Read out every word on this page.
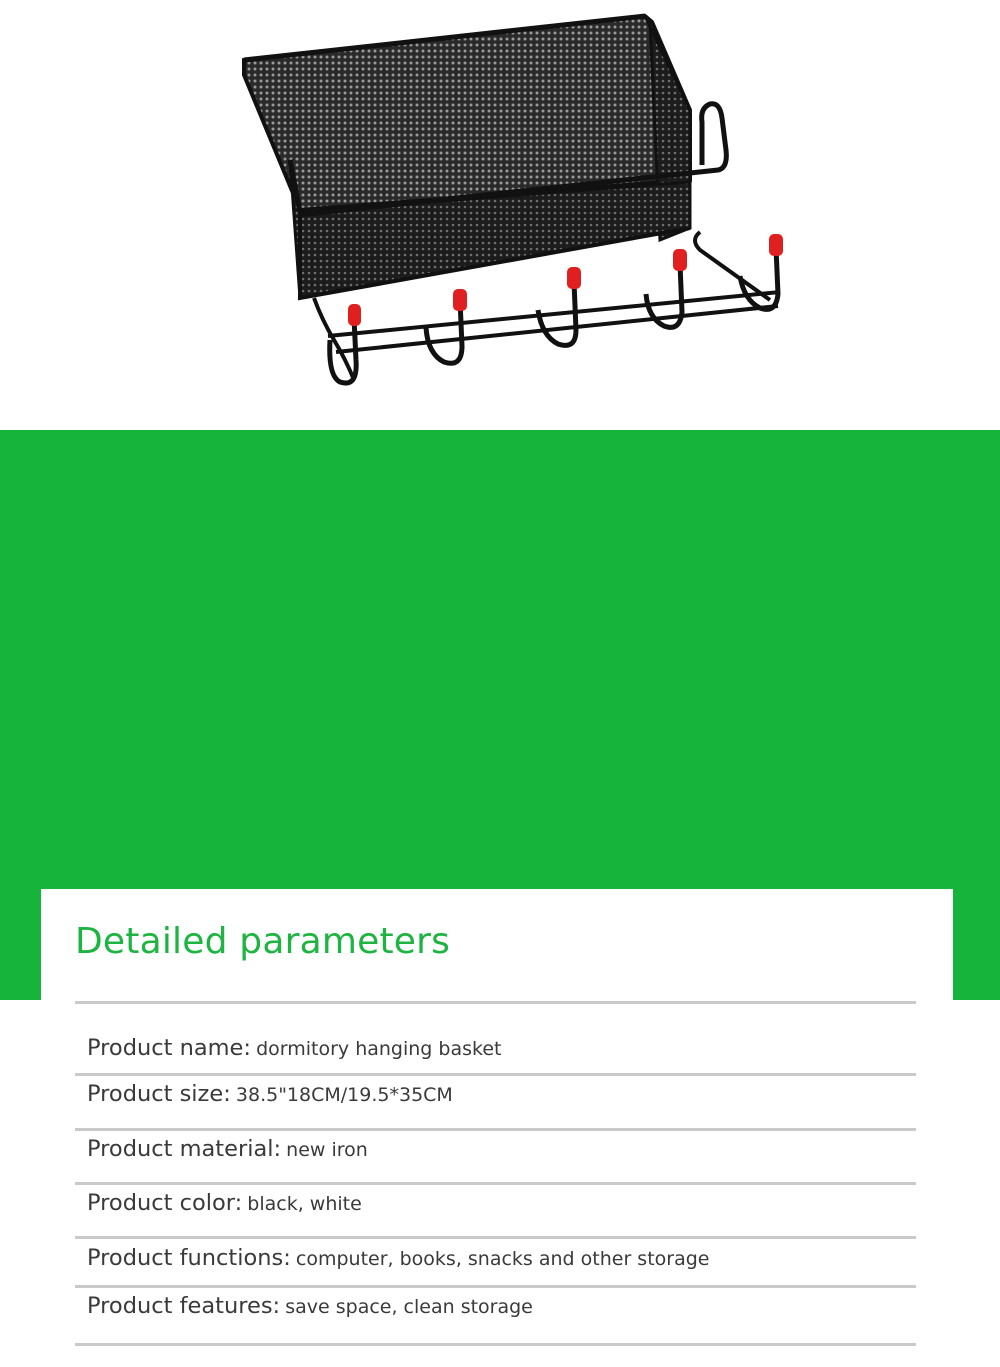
Detailed parameters
Product name: dormitory hanging basket
Product size: 38.5"18CM/19.5*35CM
Product material: new iron
Product color: black, white
Product functions: computer, books, snacks and other storage
Product features: save space, clean storage
